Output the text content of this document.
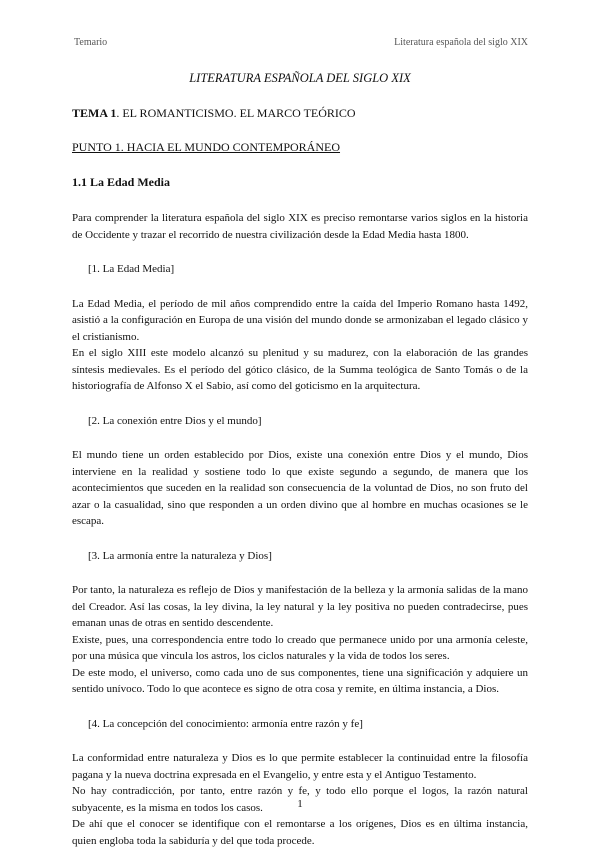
Temario	Literatura española del siglo XIX
LITERATURA ESPAÑOLA DEL SIGLO XIX
TEMA 1. EL ROMANTICISMO. EL MARCO TEÓRICO
PUNTO 1. HACIA EL MUNDO CONTEMPORÁNEO
1.1 La Edad Media

Para comprender la literatura española del siglo XIX es preciso remontarse varios siglos en la historia de Occidente y trazar el recorrido de nuestra civilización desde la Edad Media hasta 1800.

[1. La Edad Media]

La Edad Media, el período de mil años comprendido entre la caída del Imperio Romano hasta 1492, asistió a la configuración en Europa de una visión del mundo donde se armonizaban el legado clásico y el cristianismo.

En el siglo XIII este modelo alcanzó su plenitud y su madurez, con la elaboración de las grandes síntesis medievales. Es el período del gótico clásico, de la Summa teológica de Santo Tomás o de la historiografía de Alfonso X el Sabio, así como del goticismo en la arquitectura.

[2. La conexión entre Dios y el mundo]

El mundo tiene un orden establecido por Dios, existe una conexión entre Dios y el mundo, Dios interviene en la realidad y sostiene todo lo que existe segundo a segundo, de manera que los acontecimientos que suceden en la realidad son consecuencia de la voluntad de Dios, no son fruto del azar o la casualidad, sino que responden a un orden divino que al hombre en muchas ocasiones se le escapa.

[3. La armonía entre la naturaleza y Dios]

Por tanto, la naturaleza es reflejo de Dios y manifestación de la belleza y la armonía salidas de la mano del Creador. Así las cosas, la ley divina, la ley natural y la ley positiva no pueden contradecirse, pues emanan unas de otras en sentido descendente.

Existe, pues, una correspondencia entre todo lo creado que permanece unido por una armonía celeste, por una música que vincula los astros, los ciclos naturales y la vida de todos los seres.

De este modo, el universo, como cada uno de sus componentes, tiene una significación y adquiere un sentido unívoco. Todo lo que acontece es signo de otra cosa y remite, en última instancia, a Dios.

[4. La concepción del conocimiento: armonía entre razón y fe]

La conformidad entre naturaleza y Dios es lo que permite establecer la continuidad entre la filosofía pagana y la nueva doctrina expresada en el Evangelio, y entre esta y el Antiguo Testamento.

No hay contradicción, por tanto, entre razón y fe, y todo ello porque el logos, la razón natural subyacente, es la misma en todos los casos.

De ahí que el conocer se identifique con el remontarse a los orígenes, Dios es en última instancia, quien engloba toda la sabiduría y del que toda procede.

1
